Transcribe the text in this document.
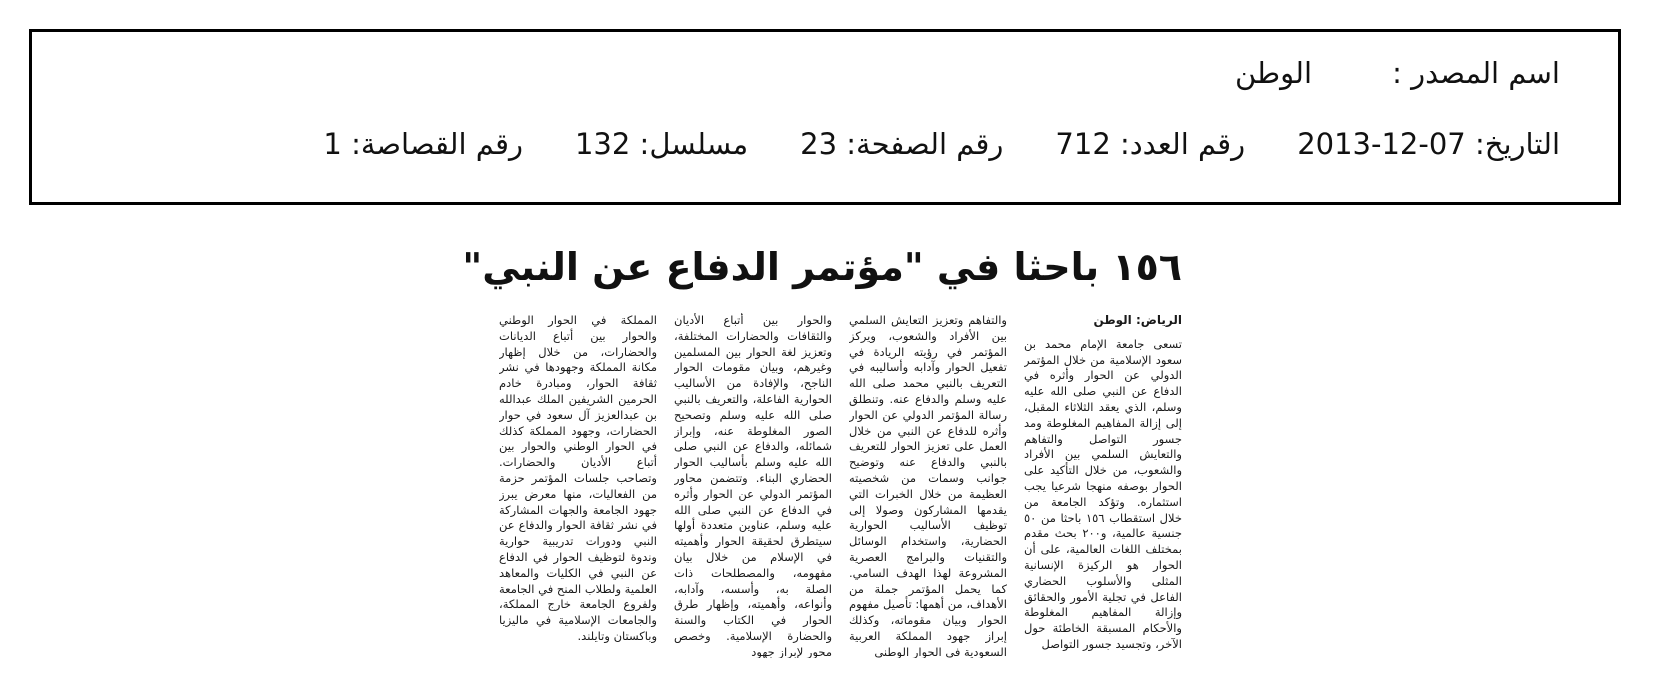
اسم المصدر :
الوطن
التاريخ: 2013-12-07
رقم العدد: 712
رقم الصفحة: 23
مسلسل: 132
رقم القصاصة: 1
١٥٦ باحثا في "مؤتمر الدفاع عن النبي"
الرياض: الوطن
تسعى جامعة الإمام محمد بن سعود الإسلامية من خلال المؤتمر الدولي عن الحوار وأثره في الدفاع عن النبي صلى الله عليه وسلم، الذي يعقد الثلاثاء المقبل، إلى إزالة المفاهيم المغلوطة ومد جسور التواصل والتفاهم والتعايش السلمي بين الأفراد والشعوب، من خلال التأكيد على الحوار بوصفه منهجا شرعيا يجب استثماره. وتؤكد الجامعة من خلال استقطاب ١٥٦ باحثا من ٥٠ جنسية عالمية، و٢٠٠ بحث مقدم بمختلف اللغات العالمية، على أن الحوار هو الركيزة الإنسانية المثلى والأسلوب الحضاري الفاعل في تجلية الأمور والحقائق وإزالة المفاهيم المغلوطة والأحكام المسبقة الخاطئة حول الآخر، وتجسيد جسور التواصل
والتفاهم وتعزيز التعايش السلمي بين الأفراد والشعوب، ويركز المؤتمر في رؤيته الريادة في تفعيل الحوار وآدابه وأساليبه في التعريف بالنبي محمد صلى الله عليه وسلم والدفاع عنه. وتنطلق رسالة المؤتمر الدولي عن الحوار وأثره للدفاع عن النبي من خلال العمل على تعزيز الحوار للتعريف بالنبي والدفاع عنه وتوضيح جوانب وسمات من شخصيته العظيمة من خلال الخبرات التي يقدمها المشاركون وصولا إلى توظيف الأساليب الحوارية الحضارية، واستخدام الوسائل والتقنيات والبرامج العصرية المشروعة لهذا الهدف السامي. كما يحمل المؤتمر جملة من الأهداف، من أهمها: تأصيل مفهوم الحوار وبيان مقوماته، وكذلك إبراز جهود المملكة العربية السعودية في الحوار الوطني
والحوار بين أتباع الأديان والثقافات والحضارات المختلفة، وتعزيز لغة الحوار بين المسلمين وغيرهم، وبيان مقومات الحوار الناجح، والإفادة من الأساليب الحوارية الفاعلة، والتعريف بالنبي صلى الله عليه وسلم وتصحيح الصور المغلوطة عنه، وإبراز شمائله، والدفاع عن النبي صلى الله عليه وسلم بأساليب الحوار الحضاري البناء. وتتضمن محاور المؤتمر الدولي عن الحوار وأثره في الدفاع عن النبي صلى الله عليه وسلم، عناوين متعددة أولها سيتطرق لحقيقة الحوار وأهميته في الإسلام من خلال بيان مفهومه، والمصطلحات ذات الصلة به، وأسسه، وآدابه، وأنواعه، وأهميته، وإظهار طرق الحوار في الكتاب والسنة والحضارة الإسلامية. وخصص محور لإبراز جهود
المملكة في الحوار الوطني والحوار بين أتباع الديانات والحضارات، من خلال إظهار مكانة المملكة وجهودها في نشر ثقافة الحوار، ومبادرة خادم الحرمين الشريفين الملك عبدالله بن عبدالعزيز آل سعود في حوار الحضارات، وجهود المملكة كذلك في الحوار الوطني والحوار بين أتباع الأديان والحضارات. وتصاحب جلسات المؤتمر حزمة من الفعاليات، منها معرض يبرز جهود الجامعة والجهات المشاركة في نشر ثقافة الحوار والدفاع عن النبي ودورات تدريبية حوارية وندوة لتوظيف الحوار في الدفاع عن النبي في الكليات والمعاهد العلمية ولطلاب المنح في الجامعة ولفروع الجامعة خارج المملكة، والجامعات الإسلامية في ماليزيا وباكستان وتايلند.
